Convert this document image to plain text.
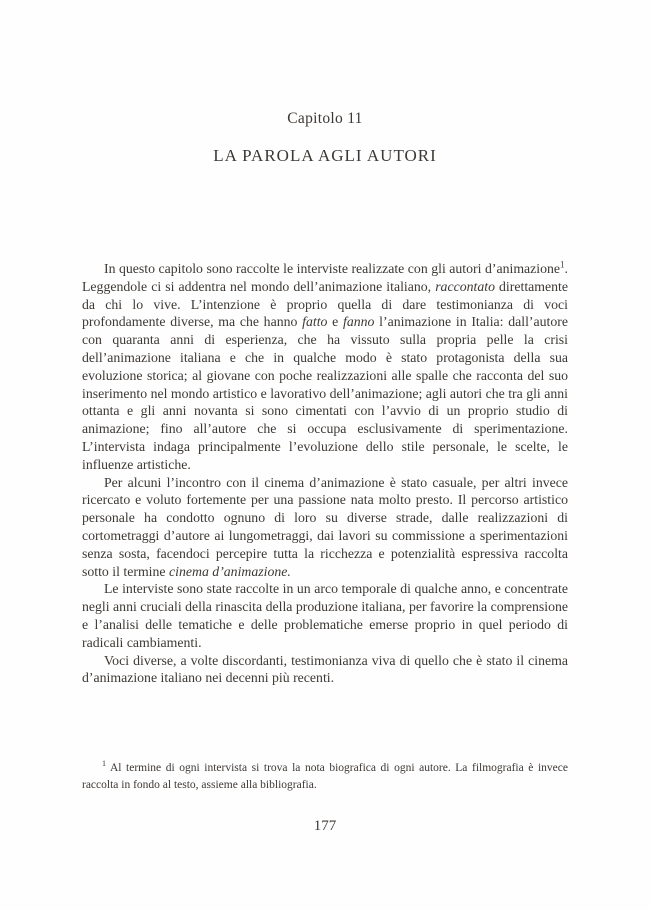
Capitolo 11
LA PAROLA AGLI AUTORI

In questo capitolo sono raccolte le interviste realizzate con gli autori d’animazione$^1$. Leggendole ci si addentra nel mondo dell’animazione italiano, raccontato direttamente da chi lo vive. L’intenzione è proprio quella di dare testimonianza di voci profondamente diverse, ma che hanno fatto e fanno l’animazione in Italia: dall’autore con quaranta anni di esperienza, che ha vissuto sulla propria pelle la crisi dell’animazione italiana e che in qualche modo è stato protagonista della sua evoluzione storica; al giovane con poche realizzazioni alle spalle che racconta del suo inserimento nel mondo artistico e lavorativo dell’animazione; agli autori che tra gli anni ottanta e gli anni novanta si sono cimentati con l’avvio di un proprio studio di animazione; fino all’autore che si occupa esclusivamente di sperimentazione. L’intervista indaga principalmente l’evoluzione dello stile personale, le scelte, le influenze artistiche.

Per alcuni l’incontro con il cinema d’animazione è stato casuale, per altri invece ricercato e voluto fortemente per una passione nata molto presto. Il percorso artistico personale ha condotto ognuno di loro su diverse strade, dalle realizzazioni di cortometraggi d’autore ai lungometraggi, dai lavori su commissione a sperimentazioni senza sosta, facendoci percepire tutta la ricchezza e potenzialità espressiva raccolta sotto il termine cinema d’animazione.

Le interviste sono state raccolte in un arco temporale di qualche anno, e concentrate negli anni cruciali della rinascita della produzione italiana, per favorire la comprensione e l’analisi delle tematiche e delle problematiche emerse proprio in quel periodo di radicali cambiamenti.

Voci diverse, a volte discordanti, testimonianza viva di quello che è stato il cinema d’animazione italiano nei decenni più recenti.

$^1$ Al termine di ogni intervista si trova la nota biografica di ogni autore. La filmografia è invece raccolta in fondo al testo, assieme alla bibliografia.
177
